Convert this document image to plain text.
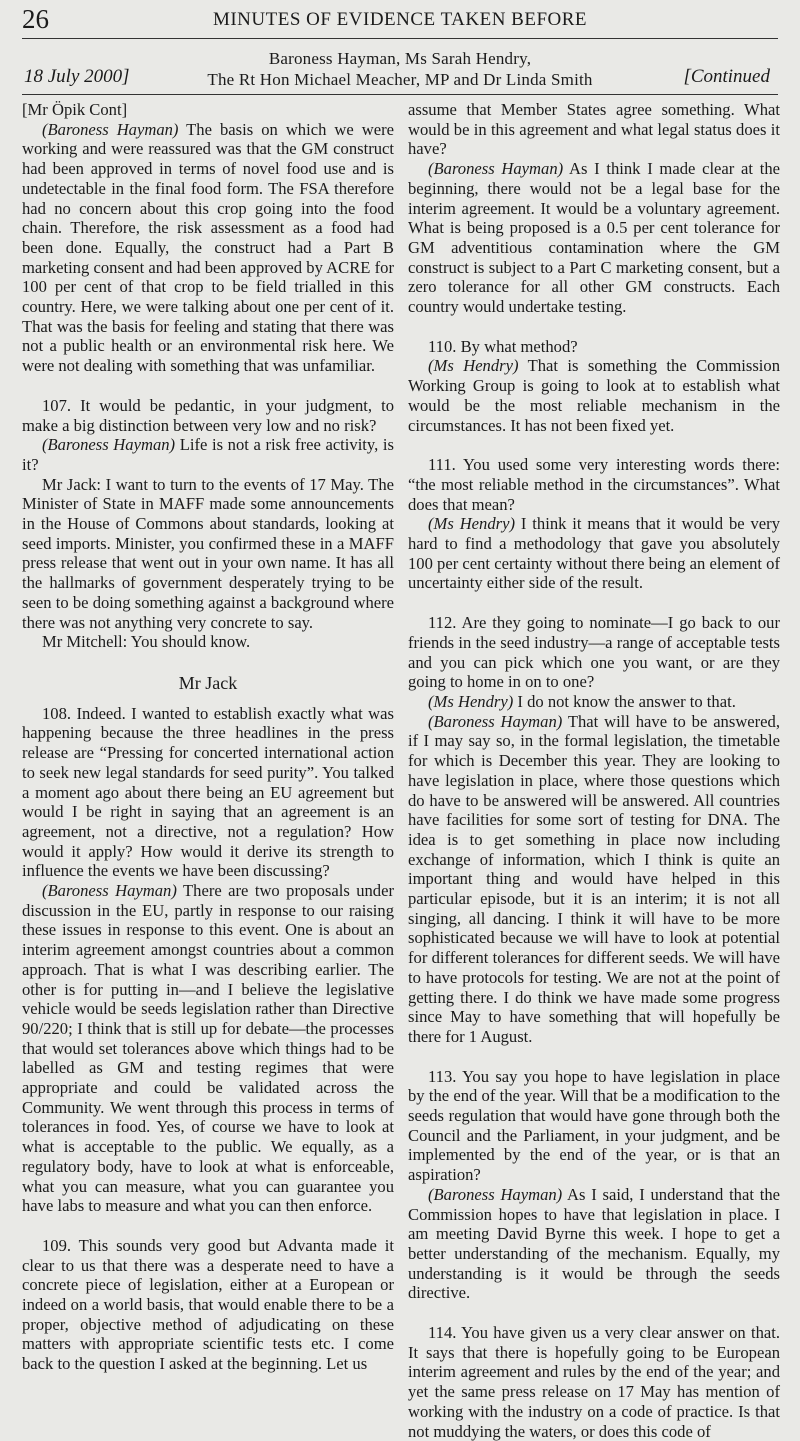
26	MINUTES OF EVIDENCE TAKEN BEFORE
18 July 2000]
Baroness Hayman, Ms Sarah Hendry,
The Rt Hon Michael Meacher, MP and Dr Linda Smith	[Continued

[Mr Öpik Cont]

(Baroness Hayman) The basis on which we were working and were reassured was that the GM construct had been approved in terms of novel food use and is undetectable in the final food form. The FSA therefore had no concern about this crop going into the food chain. Therefore, the risk assessment as a food had been done. Equally, the construct had a Part B marketing consent and had been approved by ACRE for 100 per cent of that crop to be field trialled in this country. Here, we were talking about one per cent of it. That was the basis for feeling and stating that there was not a public health or an environmental risk here. We were not dealing with something that was unfamiliar.

107. It would be pedantic, in your judgment, to make a big distinction between very low and no risk?

(Baroness Hayman) Life is not a risk free activity, is it?

Mr Jack: I want to turn to the events of 17 May. The Minister of State in MAFF made some announcements in the House of Commons about standards, looking at seed imports. Minister, you confirmed these in a MAFF press release that went out in your own name. It has all the hallmarks of government desperately trying to be seen to be doing something against a background where there was not anything very concrete to say.

Mr Mitchell: You should know.

Mr Jack

108. Indeed. I wanted to establish exactly what was happening because the three headlines in the press release are “Pressing for concerted international action to seek new legal standards for seed purity”. You talked a moment ago about there being an EU agreement but would I be right in saying that an agreement is an agreement, not a directive, not a regulation? How would it apply? How would it derive its strength to influence the events we have been discussing?

(Baroness Hayman) There are two proposals under discussion in the EU, partly in response to our raising these issues in response to this event. One is about an interim agreement amongst countries about a common approach. That is what I was describing earlier. The other is for putting in—and I believe the legislative vehicle would be seeds legislation rather than Directive 90/220; I think that is still up for debate—the processes that would set tolerances above which things had to be labelled as GM and testing regimes that were appropriate and could be validated across the Community. We went through this process in terms of tolerances in food. Yes, of course we have to look at what is acceptable to the public. We equally, as a regulatory body, have to look at what is enforceable, what you can measure, what you can guarantee you have labs to measure and what you can then enforce.

109. This sounds very good but Advanta made it clear to us that there was a desperate need to have a concrete piece of legislation, either at a European or indeed on a world basis, that would enable there to be a proper, objective method of adjudicating on these matters with appropriate scientific tests etc. I come back to the question I asked at the beginning. Let us

assume that Member States agree something. What would be in this agreement and what legal status does it have?

(Baroness Hayman) As I think I made clear at the beginning, there would not be a legal base for the interim agreement. It would be a voluntary agreement. What is being proposed is a 0.5 per cent tolerance for GM adventitious contamination where the GM construct is subject to a Part C marketing consent, but a zero tolerance for all other GM constructs. Each country would undertake testing.

110. By what method?

(Ms Hendry) That is something the Commission Working Group is going to look at to establish what would be the most reliable mechanism in the circumstances. It has not been fixed yet.

111. You used some very interesting words there: “the most reliable method in the circumstances”. What does that mean?

(Ms Hendry) I think it means that it would be very hard to find a methodology that gave you absolutely 100 per cent certainty without there being an element of uncertainty either side of the result.

112. Are they going to nominate—I go back to our friends in the seed industry—a range of acceptable tests and you can pick which one you want, or are they going to home in on to one?

(Ms Hendry) I do not know the answer to that.

(Baroness Hayman) That will have to be answered, if I may say so, in the formal legislation, the timetable for which is December this year. They are looking to have legislation in place, where those questions which do have to be answered will be answered. All countries have facilities for some sort of testing for DNA. The idea is to get something in place now including exchange of information, which I think is quite an important thing and would have helped in this particular episode, but it is an interim; it is not all singing, all dancing. I think it will have to be more sophisticated because we will have to look at potential for different tolerances for different seeds. We will have to have protocols for testing. We are not at the point of getting there. I do think we have made some progress since May to have something that will hopefully be there for 1 August.

113. You say you hope to have legislation in place by the end of the year. Will that be a modification to the seeds regulation that would have gone through both the Council and the Parliament, in your judgment, and be implemented by the end of the year, or is that an aspiration?

(Baroness Hayman) As I said, I understand that the Commission hopes to have that legislation in place. I am meeting David Byrne this week. I hope to get a better understanding of the mechanism. Equally, my understanding is it would be through the seeds directive.

114. You have given us a very clear answer on that. It says that there is hopefully going to be European interim agreement and rules by the end of the year; and yet the same press release on 17 May has mention of working with the industry on a code of practice. Is that not muddying the waters, or does this code of
